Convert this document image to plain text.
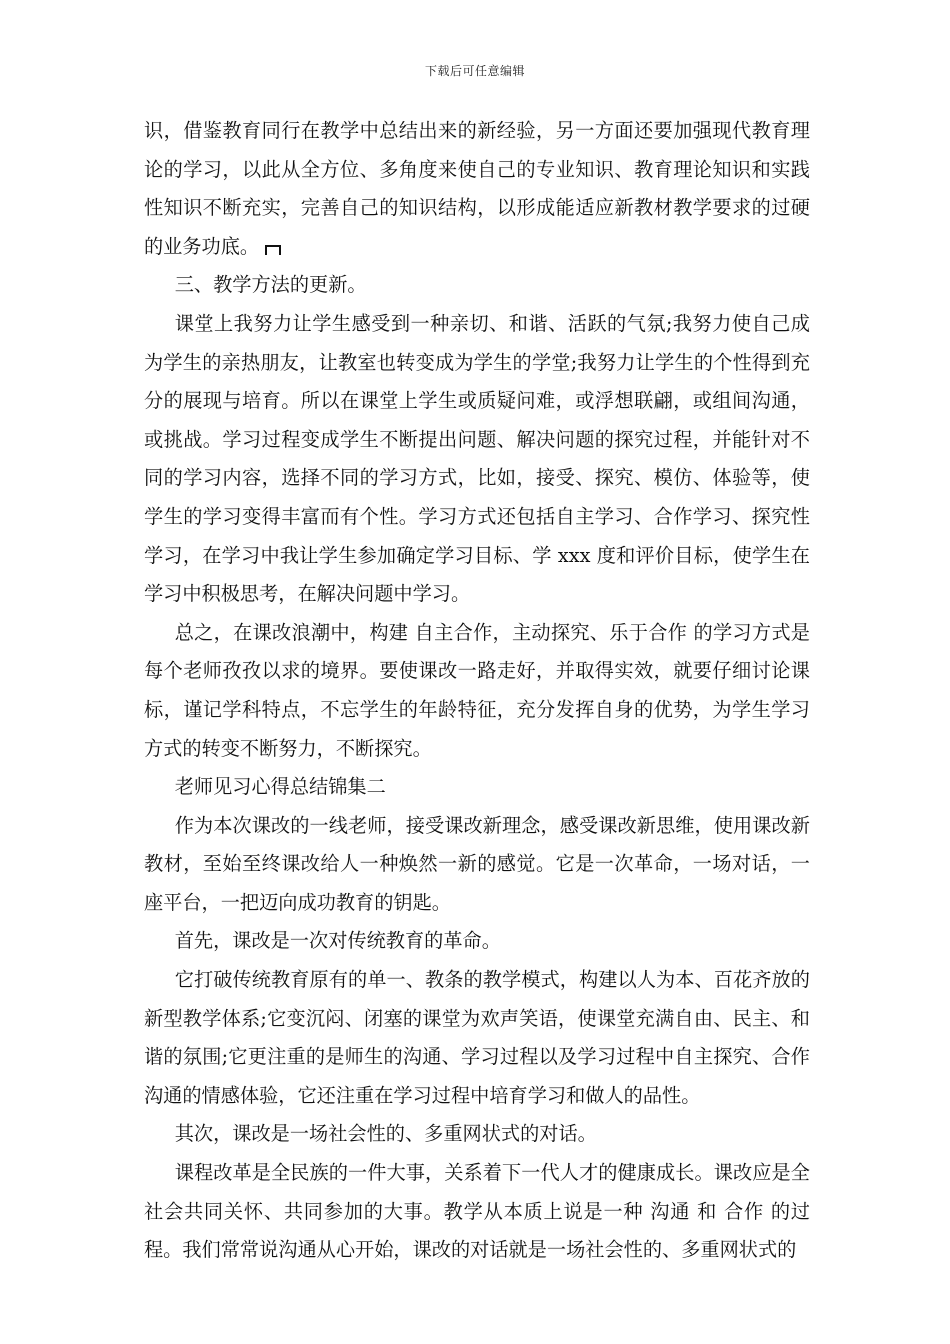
下载后可任意编辑

识，借鉴教育同行在教学中总结出来的新经验，另一方面还要加强现代教育理论的学习，以此从全方位、多角度来使自己的专业知识、教育理论知识和实践性知识不断充实，完善自己的知识结构，以形成能适应新教材教学要求的过硬的业务功底。

三、教学方法的更新。

课堂上我努力让学生感受到一种亲切、和谐、活跃的气氛;我努力使自己成为学生的亲热朋友，让教室也转变成为学生的学堂;我努力让学生的个性得到充分的展现与培育。所以在课堂上学生或质疑问难，或浮想联翩，或组间沟通，或挑战。学习过程变成学生不断提出问题、解决问题的探究过程，并能针对不同的学习内容，选择不同的学习方式，比如，接受、探究、模仿、体验等，使学生的学习变得丰富而有个性。学习方式还包括自主学习、合作学习、探究性学习，在学习中我让学生参加确定学习目标、学 xxx 度和评价目标，使学生在学习中积极思考，在解决问题中学习。

总之，在课改浪潮中，构建 自主合作，主动探究、乐于合作 的学习方式是每个老师孜孜以求的境界。要使课改一路走好，并取得实效，就要仔细讨论课标，谨记学科特点，不忘学生的年龄特征，充分发挥自身的优势，为学生学习方式的转变不断努力，不断探究。

老师见习心得总结锦集二

作为本次课改的一线老师，接受课改新理念，感受课改新思维，使用课改新教材，至始至终课改给人一种焕然一新的感觉。它是一次革命，一场对话，一座平台，一把迈向成功教育的钥匙。

首先，课改是一次对传统教育的革命。

它打破传统教育原有的单一、教条的教学模式，构建以人为本、百花齐放的新型教学体系;它变沉闷、闭塞的课堂为欢声笑语，使课堂充满自由、民主、和谐的氛围;它更注重的是师生的沟通、学习过程以及学习过程中自主探究、合作沟通的情感体验，它还注重在学习过程中培育学习和做人的品性。

其次，课改是一场社会性的、多重网状式的对话。

课程改革是全民族的一件大事，关系着下一代人才的健康成长。课改应是全社会共同关怀、共同参加的大事。教学从本质上说是一种 沟通 和 合作 的过程。我们常常说沟通从心开始，课改的对话就是一场社会性的、多重网状式的
